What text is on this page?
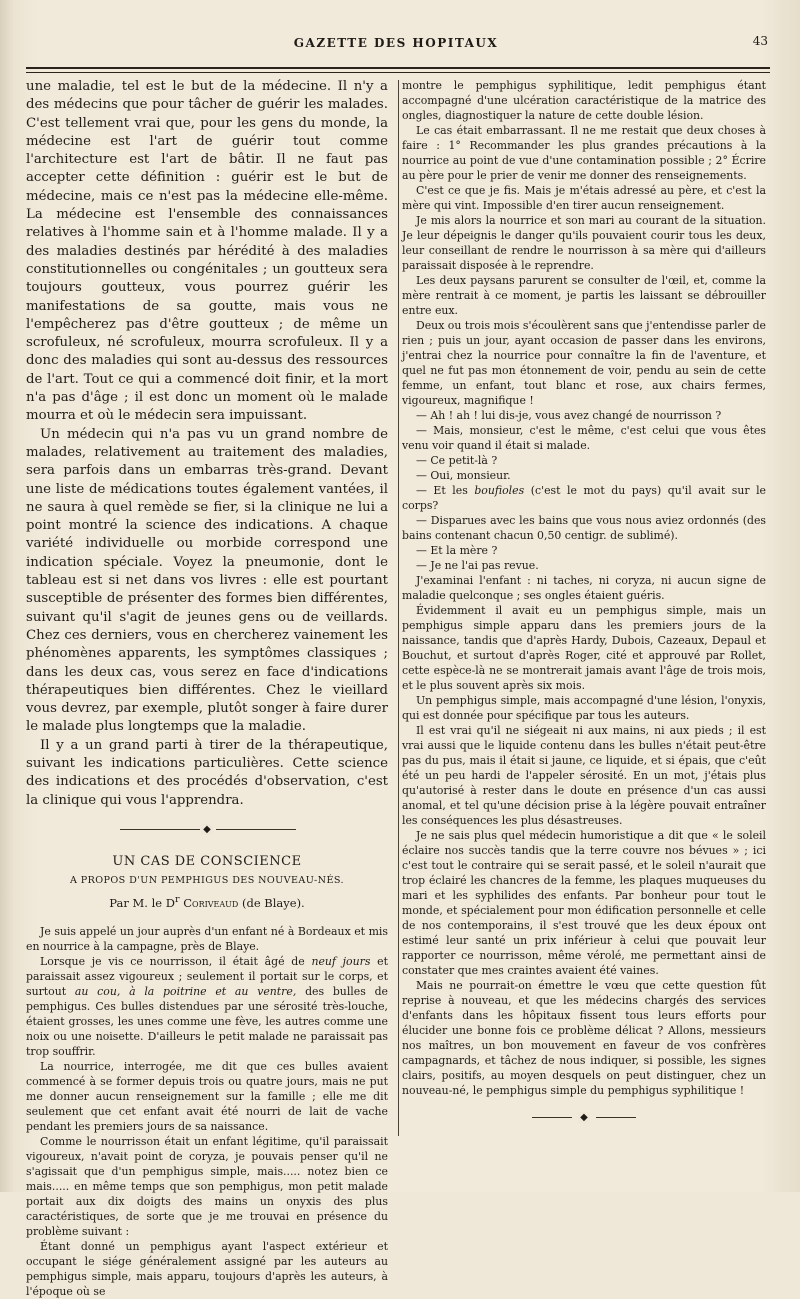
GAZETTE DES HOPITAUX	43

une maladie, tel est le but de la médecine. Il n'y a des médecins que pour tâcher de guérir les malades. C'est tellement vrai que, pour les gens du monde, la médecine est l'art de guérir tout comme l'architecture est l'art de bâtir. Il ne faut pas accepter cette définition : guérir est le but de médecine, mais ce n'est pas la médecine elle-même. La médecine est l'ensemble des connaissances relatives à l'homme sain et à l'homme malade. Il y a des maladies destinés par hérédité à des maladies constitutionnelles ou congénitales ; un goutteux sera toujours goutteux, vous pourrez guérir les manifestations de sa goutte, mais vous ne l'empêcherez pas d'être goutteux ; de même un scrofuleux, né scrofuleux, mourra scrofuleux. Il y a donc des maladies qui sont au-dessus des ressources de l'art. Tout ce qui a commencé doit finir, et la mort n'a pas d'âge ; il est donc un moment où le malade mourra et où le médecin sera impuissant.

Un médecin qui n'a pas vu un grand nombre de malades, relativement au traitement des maladies, sera parfois dans un embarras très-grand. Devant une liste de médications toutes également vantées, il ne saura à quel remède se fier, si la clinique ne lui a point montré la science des indications. A chaque variété individuelle ou morbide correspond une indication spéciale. Voyez la pneumonie, dont le tableau est si net dans vos livres : elle est pourtant susceptible de présenter des formes bien différentes, suivant qu'il s'agit de jeunes gens ou de veillards. Chez ces derniers, vous en chercherez vainement les phénomènes apparents, les symptômes classiques ; dans les deux cas, vous serez en face d'indications thérapeutiques bien différentes. Chez le vieillard vous devrez, par exemple, plutôt songer à faire durer le malade plus longtemps que la maladie.

Il y a un grand parti à tirer de la thérapeutique, suivant les indications particulières. Cette science des indications et des procédés d'observation, c'est la clinique qui vous l'apprendra.

◆
UN CAS DE CONSCIENCE
A PROPOS D'UN PEMPHIGUS DES NOUVEAU-NÉS.
Par M. le $D^r$ Coriveaud (de Blaye).

Je suis appelé un jour auprès d'un enfant né à Bordeaux et mis en nourrice à la campagne, près de Blaye.

Lorsque je vis ce nourrisson, il était âgé de neuf jours et paraissait assez vigoureux ; seulement il portait sur le corps, et surtout au cou, à la poitrine et au ventre, des bulles de pemphigus. Ces bulles distendues par une sérosité très-louche, étaient grosses, les unes comme une fève, les autres comme une noix ou une noisette. D'ailleurs le petit malade ne paraissait pas trop souffrir.

La nourrice, interrogée, me dit que ces bulles avaient commencé à se former depuis trois ou quatre jours, mais ne put me donner aucun renseignement sur la famille ; elle me dit seulement que cet enfant avait été nourri de lait de vache pendant les premiers jours de sa naissance.

Comme le nourrisson était un enfant légitime, qu'il paraissait vigoureux, n'avait point de coryza, je pouvais penser qu'il ne s'agissait que d'un pemphigus simple, mais..... notez bien ce mais..... en même temps que son pemphigus, mon petit malade portait aux dix doigts des mains un onyxis des plus caractéristiques, de sorte que je me trouvai en présence du problème suivant :

Étant donné un pemphigus ayant l'aspect extérieur et occupant le siége généralement assigné par les auteurs au pemphigus simple, mais apparu, toujours d'après les auteurs, à l'époque où se

montre le pemphigus syphilitique, ledit pemphigus étant accompagné d'une ulcération caractéristique de la matrice des ongles, diagnostiquer la nature de cette double lésion.

Le cas était embarrassant. Il ne me restait que deux choses à faire : 1° Recommander les plus grandes précautions à la nourrice au point de vue d'une contamination possible ; 2° Écrire au père pour le prier de venir me donner des renseignements.

C'est ce que je fis. Mais je m'étais adressé au père, et c'est la mère qui vint. Impossible d'en tirer aucun renseignement.

Je mis alors la nourrice et son mari au courant de la situation. Je leur dépeignis le danger qu'ils pouvaient courir tous les deux, leur conseillant de rendre le nourrisson à sa mère qui d'ailleurs paraissait disposée à le reprendre.

Les deux paysans parurent se consulter de l'œil, et, comme la mère rentrait à ce moment, je partis les laissant se débrouiller entre eux.

Deux ou trois mois s'écoulèrent sans que j'entendisse parler de rien ; puis un jour, ayant occasion de passer dans les environs, j'entrai chez la nourrice pour connaître la fin de l'aventure, et quel ne fut pas mon étonnement de voir, pendu au sein de cette femme, un enfant, tout blanc et rose, aux chairs fermes, vigoureux, magnifique !

— Ah ! ah ! lui dis-je, vous avez changé de nourrisson ?

— Mais, monsieur, c'est le même, c'est celui que vous êtes venu voir quand il était si malade.

— Ce petit-là ?

— Oui, monsieur.

— Et les boufioles (c'est le mot du pays) qu'il avait sur le corps?

— Disparues avec les bains que vous nous aviez ordonnés (des bains contenant chacun 0,50 centigr. de sublimé).

— Et la mère ?

— Je ne l'ai pas revue.

J'examinai l'enfant : ni taches, ni coryza, ni aucun signe de maladie quelconque ; ses ongles étaient guéris.

Évidemment il avait eu un pemphigus simple, mais un pemphigus simple apparu dans les premiers jours de la naissance, tandis que d'après Hardy, Dubois, Cazeaux, Depaul et Bouchut, et surtout d'après Roger, cité et approuvé par Rollet, cette espèce-là ne se montrerait jamais avant l'âge de trois mois, et le plus souvent après six mois.

Un pemphigus simple, mais accompagné d'une lésion, l'onyxis, qui est donnée pour spécifique par tous les auteurs.

Il est vrai qu'il ne siégeait ni aux mains, ni aux pieds ; il est vrai aussi que le liquide contenu dans les bulles n'était peut-être pas du pus, mais il était si jaune, ce liquide, et si épais, que c'eût été un peu hardi de l'appeler sérosité. En un mot, j'étais plus qu'autorisé à rester dans le doute en présence d'un cas aussi anomal, et tel qu'une décision prise à la légère pouvait entraîner les conséquences les plus désastreuses.

Je ne sais plus quel médecin humoristique a dit que « le soleil éclaire nos succès tandis que la terre couvre nos bévues » ; ici c'est tout le contraire qui se serait passé, et le soleil n'aurait que trop éclairé les chancres de la femme, les plaques muqueuses du mari et les syphilides des enfants. Par bonheur pour tout le monde, et spécialement pour mon édification personnelle et celle de nos contemporains, il s'est trouvé que les deux époux ont estimé leur santé un prix inférieur à celui que pouvait leur rapporter ce nourrisson, même vérolé, me permettant ainsi de constater que mes craintes avaient été vaines.

Mais ne pourrait-on émettre le vœu que cette question fût reprise à nouveau, et que les médecins chargés des services d'enfants dans les hôpitaux fissent tous leurs efforts pour élucider une bonne fois ce problème délicat ? Allons, messieurs nos maîtres, un bon mouvement en faveur de vos confrères campagnards, et tâchez de nous indiquer, si possible, les signes clairs, positifs, au moyen desquels on peut distinguer, chez un nouveau-né, le pemphigus simple du pemphigus syphilitique !

◆
